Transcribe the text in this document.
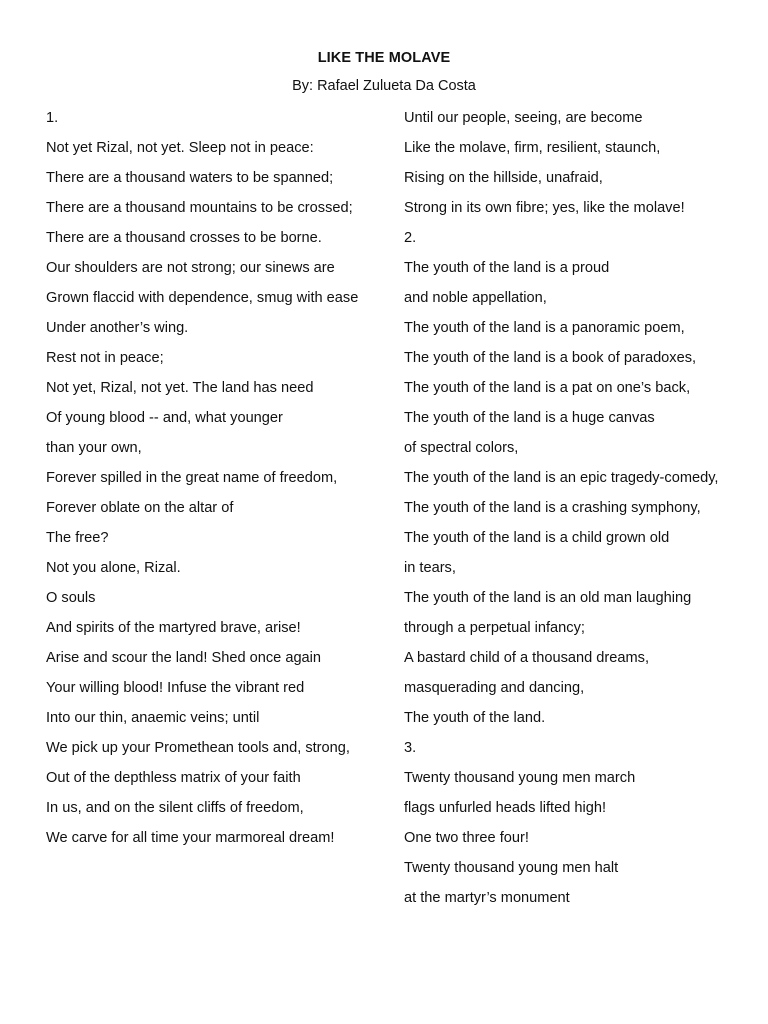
LIKE THE MOLAVE
By: Rafael Zulueta Da Costa
1.
Not yet Rizal, not yet. Sleep not in peace:
There are a thousand waters to be spanned;
There are a thousand mountains to be crossed;
There are a thousand crosses to be borne.
Our shoulders are not strong; our sinews are
Grown flaccid with dependence, smug with ease
Under another’s wing.
Rest not in peace;
Not yet, Rizal, not yet. The land has need
Of young blood -- and, what younger
than your own,
Forever spilled in the great name of freedom,
Forever oblate on the altar of
The free?
Not you alone, Rizal.
O souls
And spirits of the martyred brave, arise!
Arise and scour the land! Shed once again
Your willing blood! Infuse the vibrant red
Into our thin, anaemic veins; until
We pick up your Promethean tools and, strong,
Out of the depthless matrix of your faith
In us, and on the silent cliffs of freedom,
We carve for all time your marmoreal dream!
Until our people, seeing, are become
Like the molave, firm, resilient, staunch,
Rising on the hillside, unafraid,
Strong in its own fibre; yes, like the molave!
2.
The youth of the land is a proud
and noble appellation,
The youth of the land is a panoramic poem,
The youth of the land is a book of paradoxes,
The youth of the land is a pat on one’s back,
The youth of the land is a huge canvas
of spectral colors,
The youth of the land is an epic tragedy-comedy,
The youth of the land is a crashing symphony,
The youth of the land is a child grown old
in tears,
The youth of the land is an old man laughing
through a perpetual infancy;
A bastard child of a thousand dreams,
masquerading and dancing,
The youth of the land.
3.
Twenty thousand young men march
flags unfurled heads lifted high!
One two three four!
Twenty thousand young men halt
at the martyr’s monument
